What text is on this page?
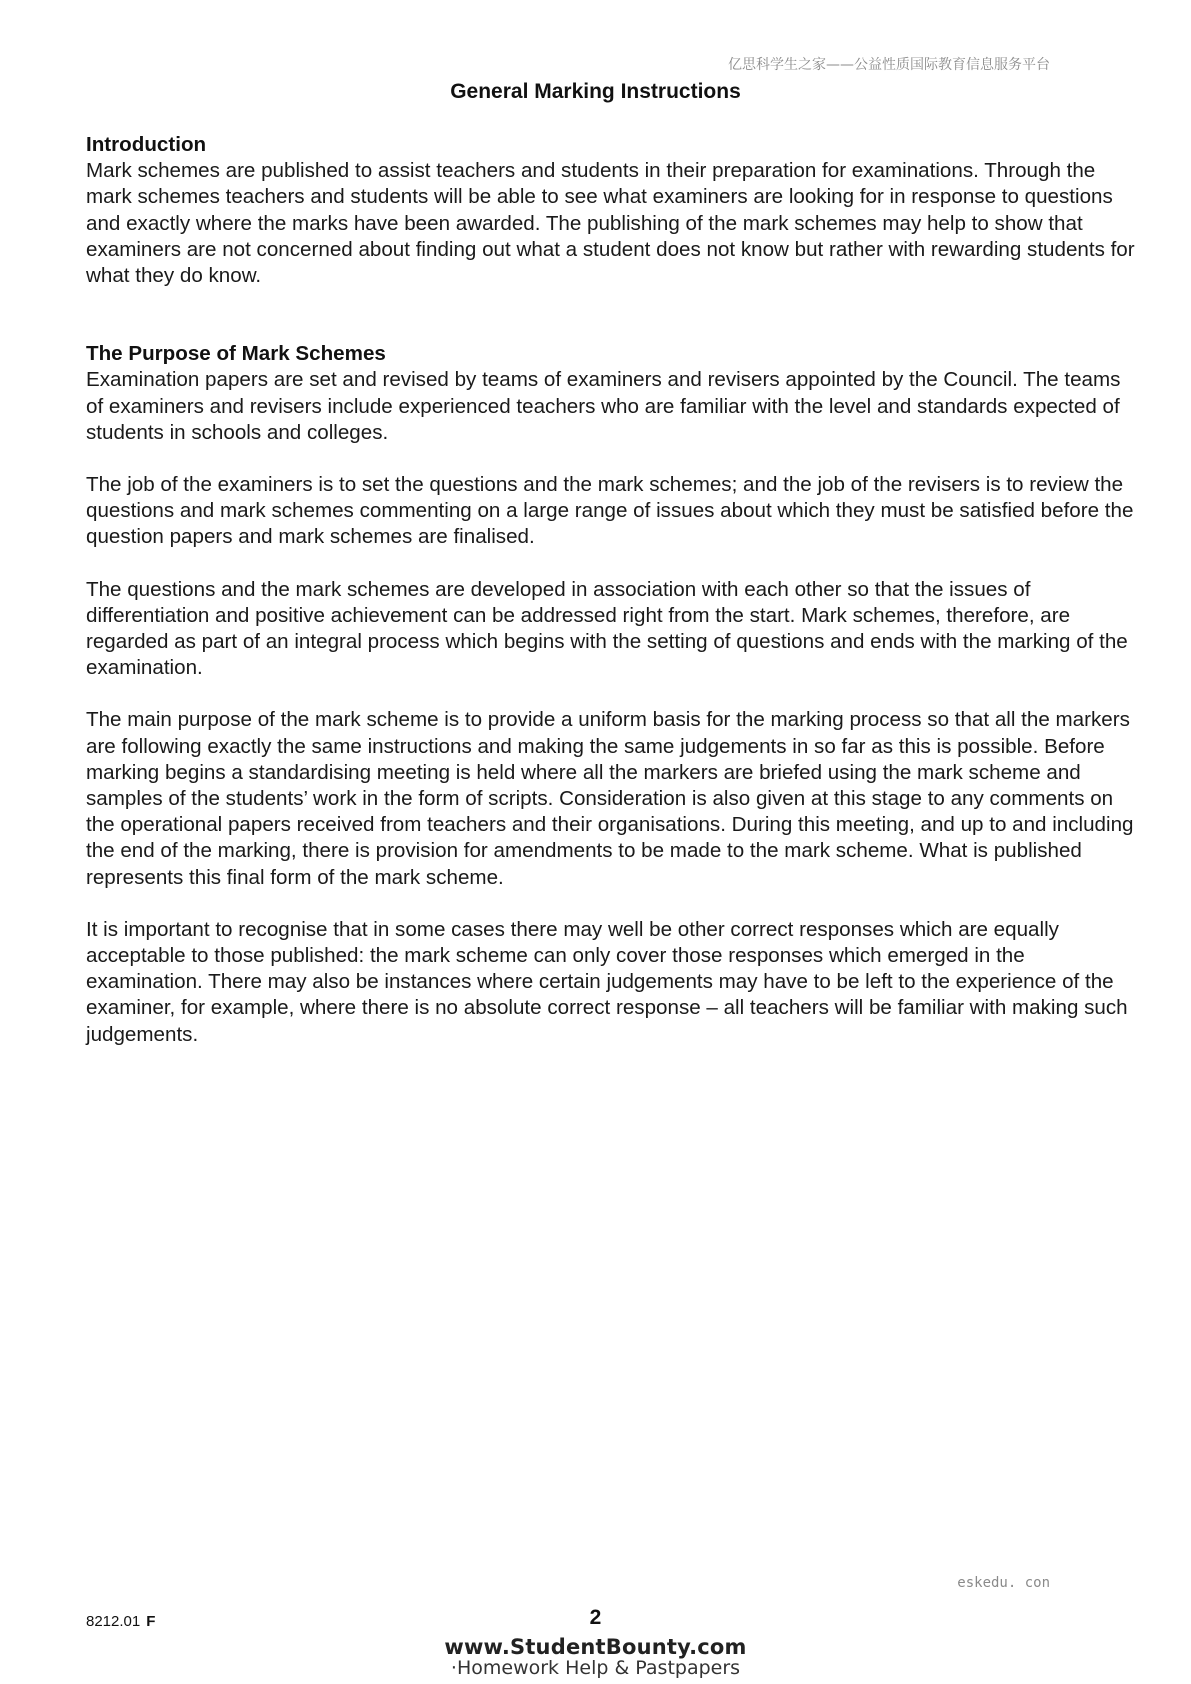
亿思科学生之家——公益性质国际教育信息服务平台
General Marking Instructions

Introduction

Mark schemes are published to assist teachers and students in their preparation for examinations. Through the mark schemes teachers and students will be able to see what examiners are looking for in response to questions and exactly where the marks have been awarded. The publishing of the mark schemes may help to show that examiners are not concerned about finding out what a student does not know but rather with rewarding students for what they do know.

The Purpose of Mark Schemes

Examination papers are set and revised by teams of examiners and revisers appointed by the Council. The teams of examiners and revisers include experienced teachers who are familiar with the level and standards expected of students in schools and colleges.

The job of the examiners is to set the questions and the mark schemes; and the job of the revisers is to review the questions and mark schemes commenting on a large range of issues about which they must be satisfied before the question papers and mark schemes are finalised.

The questions and the mark schemes are developed in association with each other so that the issues of differentiation and positive achievement can be addressed right from the start. Mark schemes, therefore, are regarded as part of an integral process which begins with the setting of questions and ends with the marking of the examination.

The main purpose of the mark scheme is to provide a uniform basis for the marking process so that all the markers are following exactly the same instructions and making the same judgements in so far as this is possible. Before marking begins a standardising meeting is held where all the markers are briefed using the mark scheme and samples of the students’ work in the form of scripts. Consideration is also given at this stage to any comments on the operational papers received from teachers and their organisations. During this meeting, and up to and including the end of the marking, there is provision for amendments to be made to the mark scheme. What is published represents this final form of the mark scheme.

It is important to recognise that in some cases there may well be other correct responses which are equally acceptable to those published: the mark scheme can only cover those responses which emerged in the examination. There may also be instances where certain judgements may have to be left to the experience of the examiner, for example, where there is no absolute correct response – all teachers will be familiar with making such judgements.

eskedu. con
8212.01 F	2
www.StudentBounty.com
·Homework Help & Pastpapers
